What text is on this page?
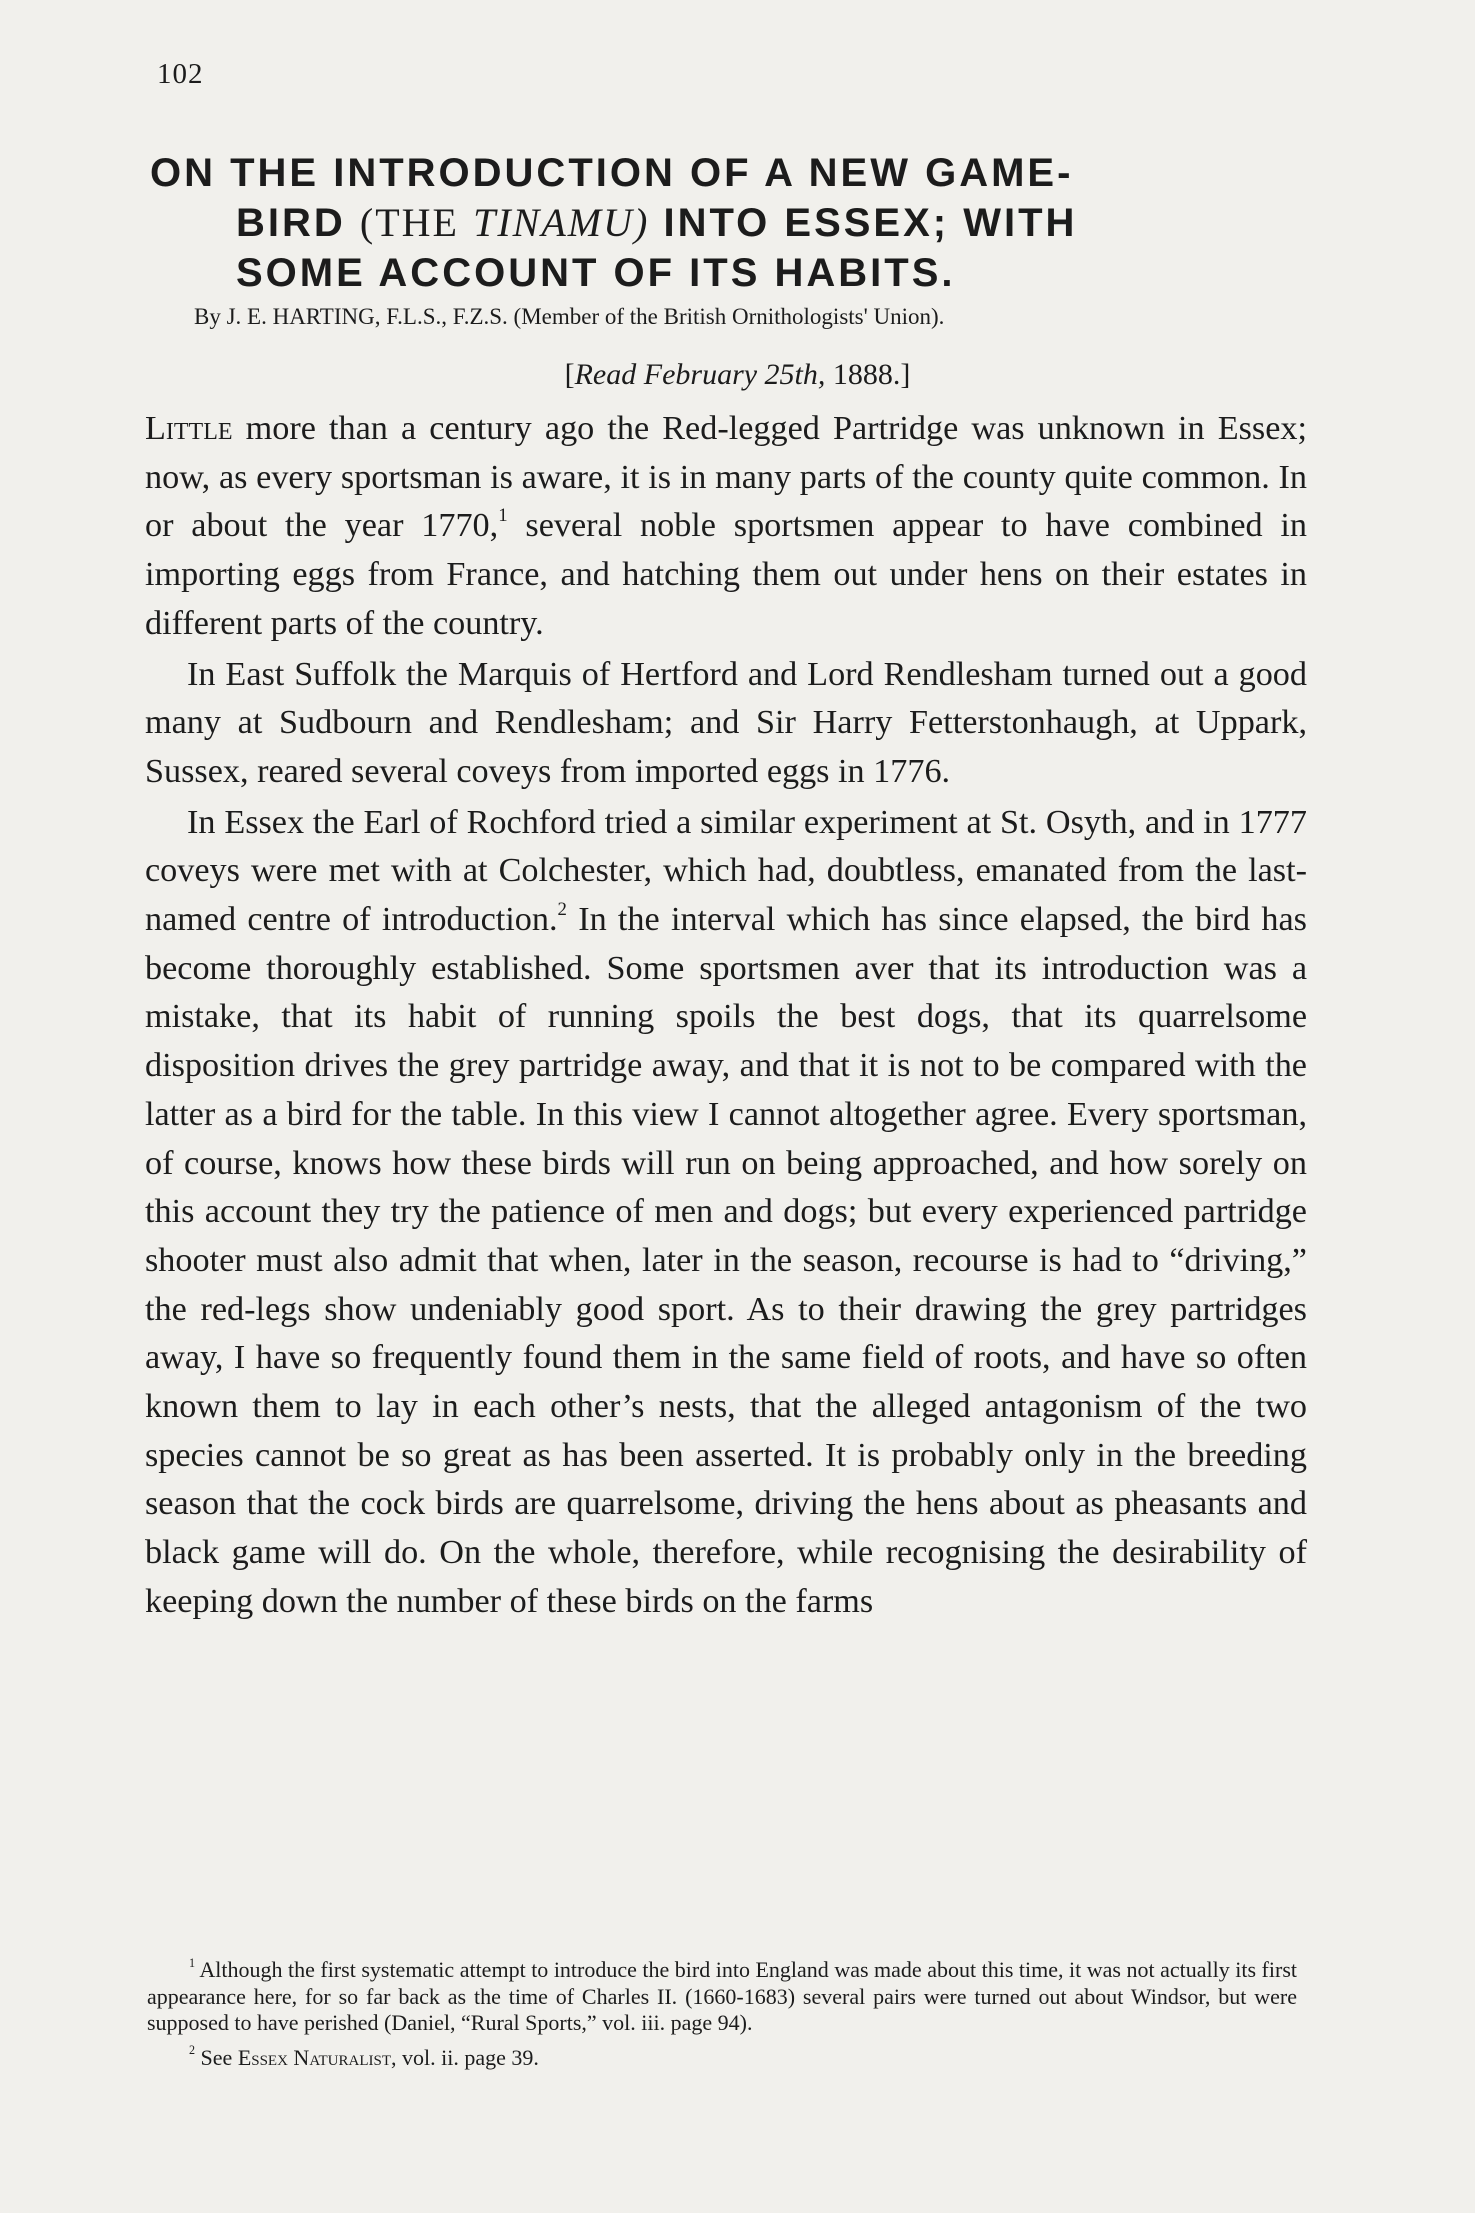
102

ON THE INTRODUCTION OF A NEW GAME-

BIRD (THE TINAMU) INTO ESSEX; WITH

SOME ACCOUNT OF ITS HABITS.

By J. E. HARTING, F.L.S., F.Z.S. (Member of the British Ornithologists' Union).
[Read February 25th, 1888.]

Little more than a century ago the Red-legged Partridge was unknown in Essex; now, as every sportsman is aware, it is in many parts of the county quite common. In or about the year 1770,$^1$ several noble sportsmen appear to have combined in importing eggs from France, and hatching them out under hens on their estates in different parts of the country.

In East Suffolk the Marquis of Hertford and Lord Rendlesham turned out a good many at Sudbourn and Rendlesham; and Sir Harry Fetterstonhaugh, at Uppark, Sussex, reared several coveys from imported eggs in 1776.

In Essex the Earl of Rochford tried a similar experiment at St. Osyth, and in 1777 coveys were met with at Colchester, which had, doubtless, emanated from the last-named centre of introduction.$^2$ In the interval which has since elapsed, the bird has become thoroughly established. Some sportsmen aver that its introduction was a mistake, that its habit of running spoils the best dogs, that its quarrelsome disposition drives the grey partridge away, and that it is not to be compared with the latter as a bird for the table. In this view I cannot altogether agree. Every sportsman, of course, knows how these birds will run on being approached, and how sorely on this account they try the patience of men and dogs; but every experienced partridge shooter must also admit that when, later in the season, recourse is had to “driving,” the red-legs show undeniably good sport. As to their drawing the grey partridges away, I have so frequently found them in the same field of roots, and have so often known them to lay in each other’s nests, that the alleged antagonism of the two species cannot be so great as has been asserted. It is probably only in the breeding season that the cock birds are quarrelsome, driving the hens about as pheasants and black game will do. On the whole, therefore, while recognising the desirability of keeping down the number of these birds on the farms

$^1$ Although the first systematic attempt to introduce the bird into England was made about this time, it was not actually its first appearance here, for so far back as the time of Charles II. (1660-1683) several pairs were turned out about Windsor, but were supposed to have perished (Daniel, “Rural Sports,” vol. iii. page 94).

$^2$ See Essex Naturalist, vol. ii. page 39.
